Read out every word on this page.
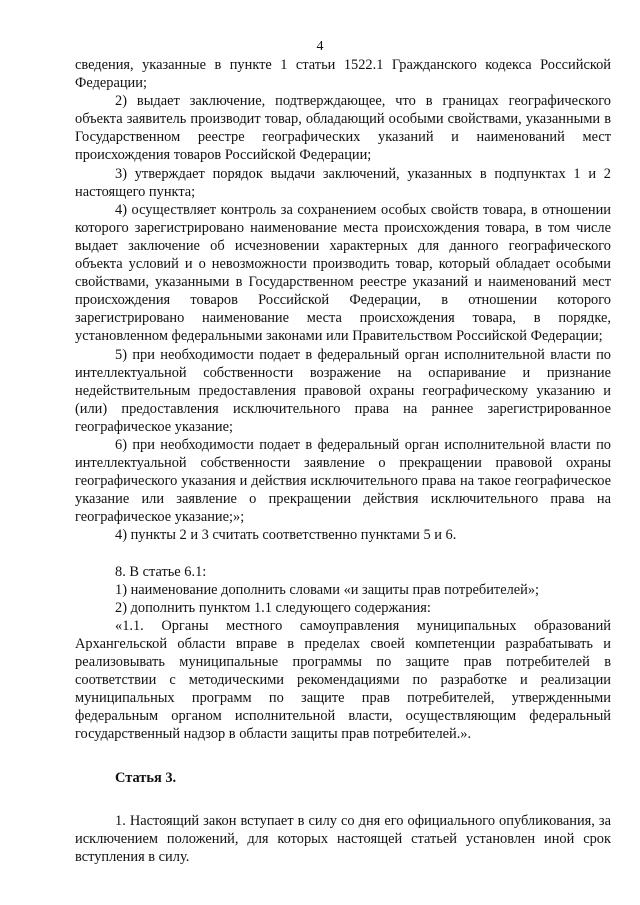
4

сведения, указанные в пункте 1 статьи 1522.1 Гражданского кодекса Российской Федерации;

2) выдает заключение, подтверждающее, что в границах географического объекта заявитель производит товар, обладающий особыми свойствами, указанными в Государственном реестре географических указаний и наименований мест происхождения товаров Российской Федерации;

3) утверждает порядок выдачи заключений, указанных в подпунктах 1 и 2 настоящего пункта;

4) осуществляет контроль за сохранением особых свойств товара, в отношении которого зарегистрировано наименование места происхождения товара, в том числе выдает заключение об исчезновении характерных для данного географического объекта условий и о невозможности производить товар, который обладает особыми свойствами, указанными в Государственном реестре указаний и наименований мест происхождения товаров Российской Федерации, в отношении которого зарегистрировано наименование места происхождения товара, в порядке, установленном федеральными законами или Правительством Российской Федерации;

5) при необходимости подает в федеральный орган исполнительной власти по интеллектуальной собственности возражение на оспаривание и признание недействительным предоставления правовой охраны географическому указанию и (или) предоставления исключительного права на раннее зарегистрированное географическое указание;

6) при необходимости подает в федеральный орган исполнительной власти по интеллектуальной собственности заявление о прекращении правовой охраны географического указания и действия исключительного права на такое географическое указание или заявление о прекращении действия исключительного права на географическое указание;»;

4) пункты 2 и 3 считать соответственно пунктами 5 и 6.

8. В статье 6.1:

1) наименование дополнить словами «и защиты прав потребителей»;

2) дополнить пунктом 1.1 следующего содержания:

«1.1. Органы местного самоуправления муниципальных образований Архангельской области вправе в пределах своей компетенции разрабатывать и реализовывать муниципальные программы по защите прав потребителей в соответствии с методическими рекомендациями по разработке и реализации муниципальных программ по защите прав потребителей, утвержденными федеральным органом исполнительной власти, осуществляющим федеральный государственный надзор в области защиты прав потребителей.».

Статья 3.

1. Настоящий закон вступает в силу со дня его официального опубликования, за исключением положений, для которых настоящей статьей установлен иной срок вступления в силу.
